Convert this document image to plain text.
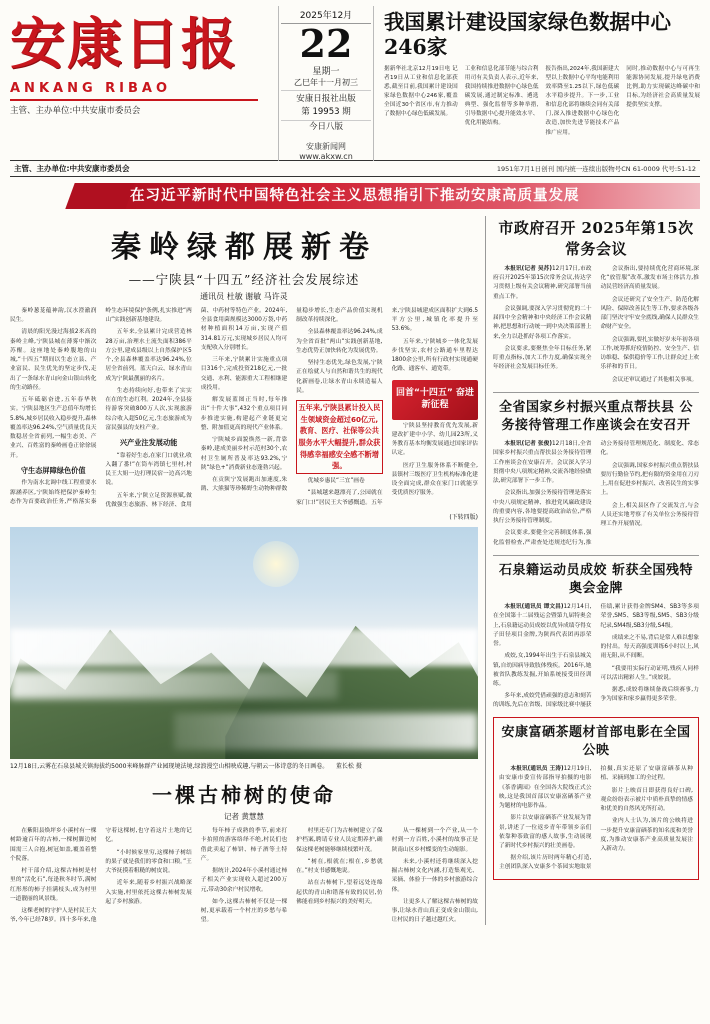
安康日报
ANKANG RIBAO
主管、主办单位:中共安康市委员会
2025年12月
22
星期一
乙巳年十一月初三
安康日报社出版
第 19953 期
今日八版
安康新闻网
www.akxw.cn
我国累计建设国家绿色数据中心246家
据新华社北京12月19日电 记者19日从工业和信息化部获悉,截至目前,我国累计建设国家绿色数据中心246家,覆盖全国近30个省区市,有力推动了数据中心绿色低碳发展。
工业和信息化部节能与综合利用司有关负责人表示,近年来,我国持续推进数据中心绿色低碳发展,通过制定标准、遴选典型、强化监督等多种举措,引导数据中心提升能效水平、优化用能结构。
报告指出,2024年,我国新建大型以上数据中心平均电能利用效率降至1.25以下,绿色低碳水平稳步提升。下一步,工业和信息化部将继续会同有关部门,深入推进数据中心绿色化改造,加快先进节能技术产品推广应用。
同时,推动数据中心与可再生能源协同发展,提升绿电消费比例,助力实现碳达峰碳中和目标,为经济社会高质量发展提供坚实支撑。
主管、主办单位:中共安康市委员会	1951年7月1日创刊 国内统一连续出版物号CN 61-0009 代号:51-12
在习近平新时代中国特色社会主义思想指引下推动安康高质量发展
秦岭绿都展新卷
——宁陕县“十四五”经济社会发展综述
通讯员 杜敏 谢敏 马许灵

秦岭葱茏蕴神韵,汉水澄澈润民生。

清晨的阳光漫过海拔2米高的秦岭主峰,宁陕县城在薄雾中渐次苏醒。这座地处秦岭腹地的山城,“十四五”期间以生态立县、产业富民、民生优先的坚定步伐,走出了一条绿水青山向金山银山转化的生动路径。

五年砥砺奋进,五年春华秋实。宁陕县地区生产总值年均增长5.8%,城乡居民收入稳步提升,森林覆盖率达96.24%,空气质量优良天数稳居全省前列,一幅生态美、产业兴、百姓富的秦岭画卷正徐徐展开。

守生态屏障绿色价值

作为南水北调中线工程重要水源涵养区,宁陕始终把保护秦岭生态作为首要政治任务,严格落实秦岭生态环境保护条例,扎实推进“两山”实践创新基地建设。

五年来,全县累计完成营造林28万亩,治理水土流失面积386平方公里,建成县级以上自然保护区5个,全县森林覆盖率达96.24%,位居全省前列。蓝天白云、绿水青山成为宁陕最靓丽的名片。

生态持续向好,也带来了实实在在的生态红利。2024年,全县接待游客突破800万人次,实现旅游综合收入超50亿元,生态旅游成为富民强县的支柱产业。

兴产业注发展动能

“靠着好生态,在家门口就业,收入翻了番!”在筒车湾镇七里村,村民王大姐一边打理民宿一边高兴地说。

五年来,宁陕立足资源禀赋,做优做强生态旅游、林下经济、食用菌、中药材等特色产业。2024年,全县食用菌规模达3000万袋,中药材种植面积14万亩,实现产值314.81万元,实现城乡居民人均可支配收入分别增长。

三年来,宁陕累计实施重点项目316个,完成投资218亿元,一批交通、水利、能源重大工程相继建成投用。

解发展蓝图正当时,每年推出“十件大事”,432个重点项目同步推进实施,构建起产业链更完整、附加值更高的现代产业体系。

宁陕城乡面貌焕然一新,背靠秦岭,建成美丽乡村示范村30个,农村卫生厕所普及率达93.2%,宁陕“绿色+”消费新业态蓬勃兴起。

在贡陕宁发展跑出加速度,朱鹮、大熊猫等珍稀野生动物种群数量稳步增长,生态产品价值实现机制改革持续深化。

全县森林覆盖率达96.24%,成为全省首批“两山”实践创新基地,生态优势正加快转化为发展优势。

坚持生态优先,绿色发展,宁陕正在绘就人与自然和谐共生的现代化新画卷,让绿水青山永续造福人民。

五年来,宁陕县累计投入民生领域资金超过60亿元,教育、医疗、社保等公共服务水平大幅提升,群众获得感幸福感安全感不断增强。

优城乡惠民“三宜”画卷

“县城越来越漂亮了,公园就在家门口!”居民王大爷感慨道。五年来,宁陕县城建成区面积扩大到6.5平方公里,城镇化率提升至53.6%。

五年来,宁陕城乡一体化发展步伐坚实,农村公路通车里程达1800余公里,所有行政村实现通硬化路、通客车、通宽带。

回首“十四五” 奋进新征程

宁陕县坚持教育优先发展,新建改扩建中小学、幼儿园23所,义务教育基本均衡发展通过国家评估认定。

医疗卫生服务体系不断健全,县镇村三级医疗卫生机构标准化建设全面完成,群众在家门口就能享受优质医疗服务。

(下转四版)
12月18日,云雾在石泉县城关镇海拔约5000米峰脉群产业园现境法境,绿浪漫空山相映成趣,与朝云一体诗意的冬日画卷。 董长松 摄
一棵古柿树的使命
记者 黄慧慧

在紫阳县焕坪乡小溪村有一棵树龄逾百年的古柿,一棵树脚边树围需三人合抱,树冠如盖,覆盖着整个院落。

村干部介绍,这棵古柿树是村里的“活化石”,每逢秋冬时节,满树红彤彤的柿子挂满枝头,成为村里一道靓丽的风景线。

这棵老树的守护人是村民王大爷,今年已经78岁。四十多年来,他守着这棵树,也守着这片土地的记忆。

“小时候家里穷,这棵柿子树结的果子就是我们的零食和口粮。”王大爷抚摸着粗糙的树皮说。

近年来,随着乡村振兴战略深入实施,村里依托这棵古柿树发展起了乡村旅游。

每年柿子成熟的季节,前来打卡拍照的游客络绎不绝,村民们也借此卖起了柿饼、柿子酒等土特产。

据统计,2024年小溪村通过柿子相关产业实现收入超过200万元,带动30余户村民增收。

如今,这棵古柿树不仅是一棵树,更承载着一个村庄的乡愁与希望。

村里还专门为古柿树建立了保护档案,聘请专业人员定期养护,确保这棵老树能够继续枝繁叶茂。

“树在,根就在;根在,乡愁就在。”村支书感慨地说。

站在古柿树下,望着远处连绵起伏的青山和错落有致的民居,仿佛能看到乡村振兴的美好明天。

从一棵树到一个产业,从一个村到一方百姓,小溪村的故事正是陕南山区乡村蝶变的生动缩影。

未来,小溪村还将继续深入挖掘古柿树文化内涵,打造集观光、采摘、体验于一体的乡村旅游综合体。

让更多人了解这棵古柿树的故事,让绿水青山真正变成金山银山,让村民的日子越过越红火。

市政府召开 2025年第15次常务会议

本报讯(记者 吴苏)12月17日,市政府召开2025年第15次常务会议,传达学习贯彻上级有关会议精神,研究部署当前重点工作。

会议强调,要深入学习贯彻党的二十届四中全会精神和中央经济工作会议精神,把思想和行动统一到中央决策部署上来,全力以赴抓好各项工作落实。

会议要求,要聚焦全年目标任务,紧盯重点指标,加大工作力度,确保实现全年经济社会发展目标任务。

会议指出,要持续优化营商环境,深化“放管服”改革,激发市场主体活力,推动民营经济高质量发展。

会议还研究了安全生产、防范化解风险、保障改善民生等工作,要求各级各部门坚决守牢安全底线,确保人民群众生命财产安全。

会议强调,要扎实做好岁末年初各项工作,统筹抓好疫情防控、安全生产、信访维稳、保供稳价等工作,让群众过上欢乐祥和的节日。

会议还审议通过了其他相关事项。

全省国家乡村振兴重点帮扶县 公务接待管理工作座谈会在安召开

本报讯(记者 张俊)12月18日,全省国家乡村振兴重点帮扶县公务接待管理工作座谈会在安康召开。会议深入学习贯彻中央八项规定精神,交流各地经验做法,研究部署下一步工作。

会议指出,加强公务接待管理是落实中央八项规定精神、推进党风廉政建设的重要内容,各地要提高政治站位,严格执行公务接待管理制度。

会议要求,要健全完善制度体系,强化监督检查,严肃查处违规违纪行为,推动公务接待管理规范化、制度化、常态化。

会议强调,国家乡村振兴重点帮扶县要厉行勤俭节约,把有限的资金用在刀刃上,用在促进乡村振兴、改善民生的实事上。

会上,相关县区作了交流发言,与会人员还实地考察了有关单位公务接待管理工作开展情况。

石泉籍运动员成姣 斩获全国残特奥会金牌

本报讯(通讯员 谭文昌)12月14日,在全国第十二届残运会暨第九届特奥会上,石泉籍运动员成姣以优异成绩夺得女子田径项目金牌,为陕西代表团再添荣誉。

成姣,女,1994年出生于石泉县城关镇,自幼因病导致肢体残疾。2016年,她被省队教练发掘,开始系统接受田径训练。

多年来,成姣凭借顽强的意志和刻苦的训练,先后在省级、国家级比赛中屡获佳绩,累计获得金牌SM4、SB3等多项荣誉,SM5、SB3等级,SM5、SB3分级纪录,SM4级,SB3分级,S4级。

成绩来之不易,背后是常人难以想象的付出。每天高强度训练6小时以上,风雨无阻,从不间断。

“我要用实际行动证明,残疾人同样可以活出精彩人生。”成姣说。

据悉,成姣将继续备战后续赛事,力争为国家和家乡赢得更多荣誉。

安康富硒茶题材首部电影在全国公映

本报讯(通讯员 王涛)12月19日,由安康市委宣传部指导拍摄的电影《茶香满园》在全国各大院线正式公映,这是我国首部以安康富硒茶产业为题材的电影作品。

影片以安康富硒茶产业发展为背景,讲述了一位返乡青年带领乡亲们依靠种茶致富的感人故事,生动展现了新时代乡村振兴的壮美画卷。

据介绍,该片历时两年精心打造,主创团队深入安康多个茶园实地取景拍摄,真实还原了安康富硒茶从种植、采摘到加工的全过程。

影片上映首日即获得良好口碑,观众纷纷表示被片中质朴真挚的情感和优美的自然风光所打动。

业内人士认为,该片的公映将进一步提升安康富硒茶的知名度和美誉度,为推动安康茶产业高质量发展注入新动力。
